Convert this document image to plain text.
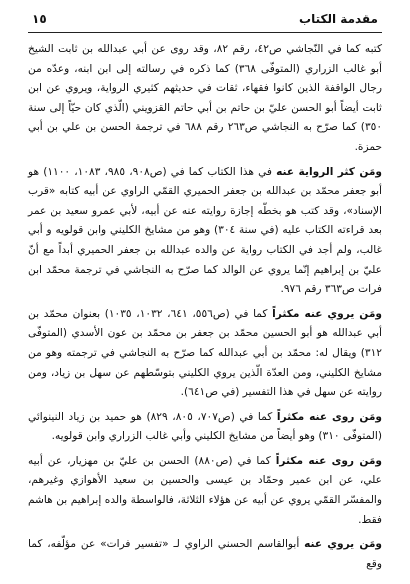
مقدمة الكتاب
١٥

كتبه كما في النّجاشي ص٤٢، رقم ٨٢، وقد روى عن أبي عبدالله بن ثابت الشيخ أبو غالب الزراري (المتوفّى ٣٦٨) كما ذكره في رسالته إلى ابن ابنه، وعدّه من رجال الواقفة الذين كانوا فقهاء، ثقات في حديثهم كثيري الرواية، ويروي عن ابن ثابت أيضاً أبو الحسن عليّ بن حاتم بن أبي حاتم القزويني (الّذي كان حيّاً إلى سنة ٣٥٠) كما صرّح به النجاشي ص٢٦٣ رقم ٦٨٨ في ترجمة الحسن بن علي بن أبي حمزة.

ومَن كثر الرواية عنه في هذا الكتاب كما في (ص٩٠٨، ٩٨٥، ١٠٨٣، ١١٠٠) هو أبو جعفر محمّد بن عبدالله بن جعفر الحميري القمّي الراوي عن أبيه كتابه «قرب الإسناد»، وقد كتب هو بخطّه إجازة روايته عنه عن أبيه، لأبي عمرو سعيد بن عمر بعد قراءته الكتاب عليه (في سنة ٣٠٤) وهو من مشايخ الكليني وابن قولويه و أبي غالب، ولم أجد في الكتاب رواية عن والده عبدالله بن جعفر الحميري أبداً مع أنّ عليّ بن إبراهيم إنّما يروي عن الوالد كما صرّح به النجاشي في ترجمة محمّد ابن فرات ص٣٦٣ رقم ٩٧٦.

ومَن يروي عنه مكثراً كما في (ص٥٥٦، ٦٤١، ١٠٣٢، ١٠٣٥) بعنوان محمّد بن أبي عبدالله هو أبو الحسين محمّد بن جعفر بن محمّد بن عون الأسدي (المتوفّى ٣١٢) ويقال له: محمّد بن أبي عبدالله كما صرّح به النجاشي في ترجمته وهو من مشايخ الكليني، ومن العدّة الّذين يروي الكليني بتوسّطهم عن سهل بن زياد، ومن روايته عن سهل في هذا التفسير (في ص٦٤١).

ومَن روى عنه مكثراً كما في (ص٧٠٧، ٨٠٥، ٨٢٩) هو حميد بن زياد النينوائي (المتوفّى ٣١٠) وهو أيضاً من مشايخ الكليني وأبي غالب الزراري وابن قولويه.

ومَن روى عنه مكثراً كما في (ص٨٨٠) الحسن بن عليّ بن مهزيار، عن أبيه علي، عن ابن عمير وحمّاد بن عيسى والحسين بن سعيد الأهوازي وغيرهم، والمفسّر القمّي يروي عن أبيه عن هؤلاء الثلاثة، فالواسطة والده إبراهيم بن هاشم فقط.

ومَن يروي عنه أبوالقاسم الحسني الراوي لـ «تفسير فرات» عن مؤلّفه، كما وقع
